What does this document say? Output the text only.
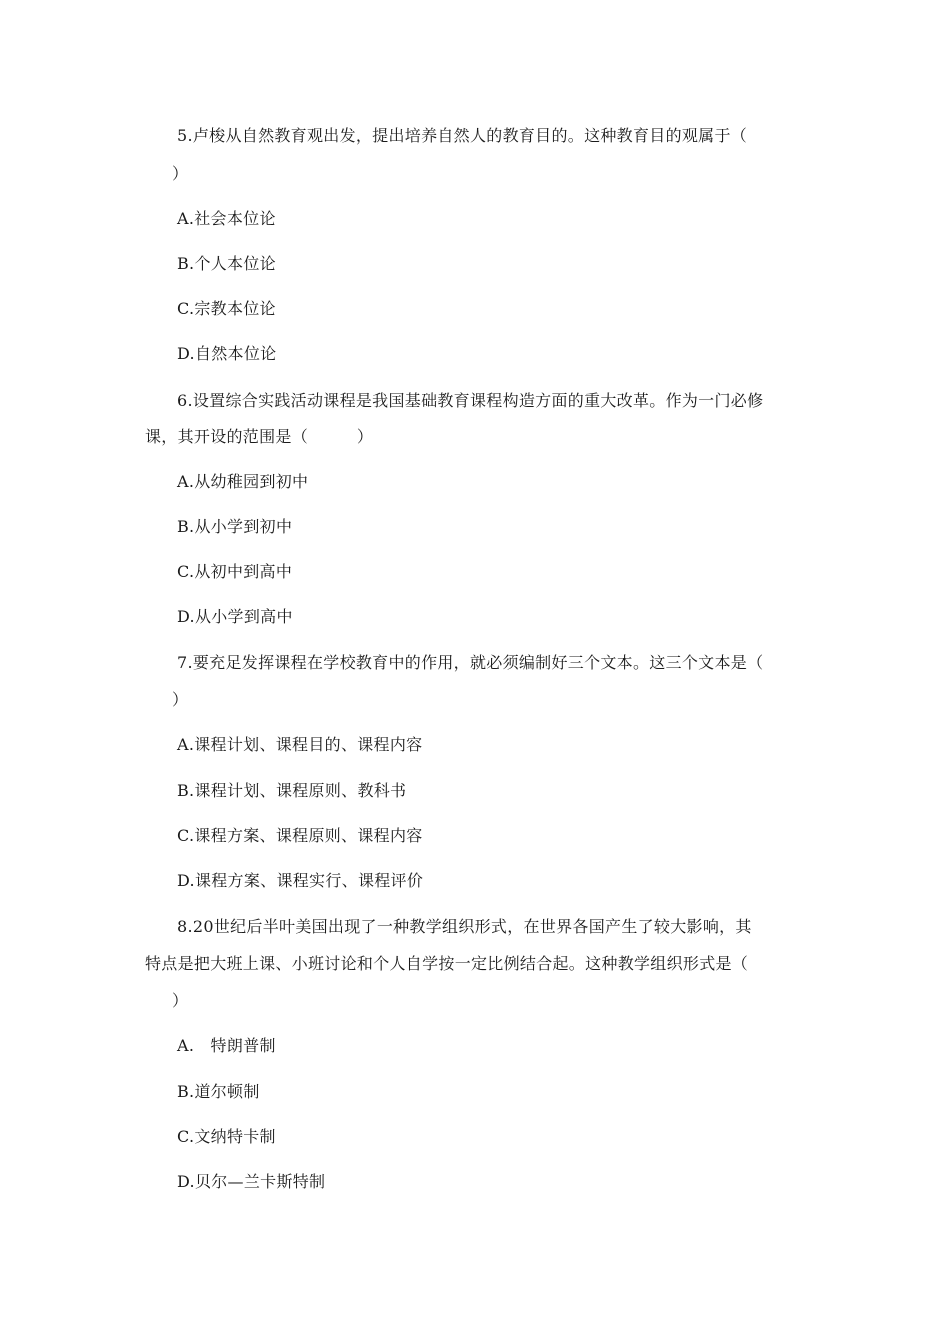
5.卢梭从自然教育观出发，提出培养自然人的教育目的。这种教育目的观属于（
）
A.社会本位论
B.个人本位论
C.宗教本位论
D.自然本位论
6.设置综合实践活动课程是我国基础教育课程构造方面的重大改革。作为一门必修
课，其开设的范围是（　　　）
A.从幼稚园到初中
B.从小学到初中
C.从初中到高中
D.从小学到高中
7.要充足发挥课程在学校教育中的作用，就必须编制好三个文本。这三个文本是（
）
A.课程计划、课程目的、课程内容
B.课程计划、课程原则、教科书
C.课程方案、课程原则、课程内容
D.课程方案、课程实行、课程评价
8.20世纪后半叶美国出现了一种教学组织形式，在世界各国产生了较大影响，其
特点是把大班上课、小班讨论和个人自学按一定比例结合起。这种教学组织形式是（
）
A.　特朗普制
B.道尔顿制
C.文纳特卡制
D.贝尔—兰卡斯特制
